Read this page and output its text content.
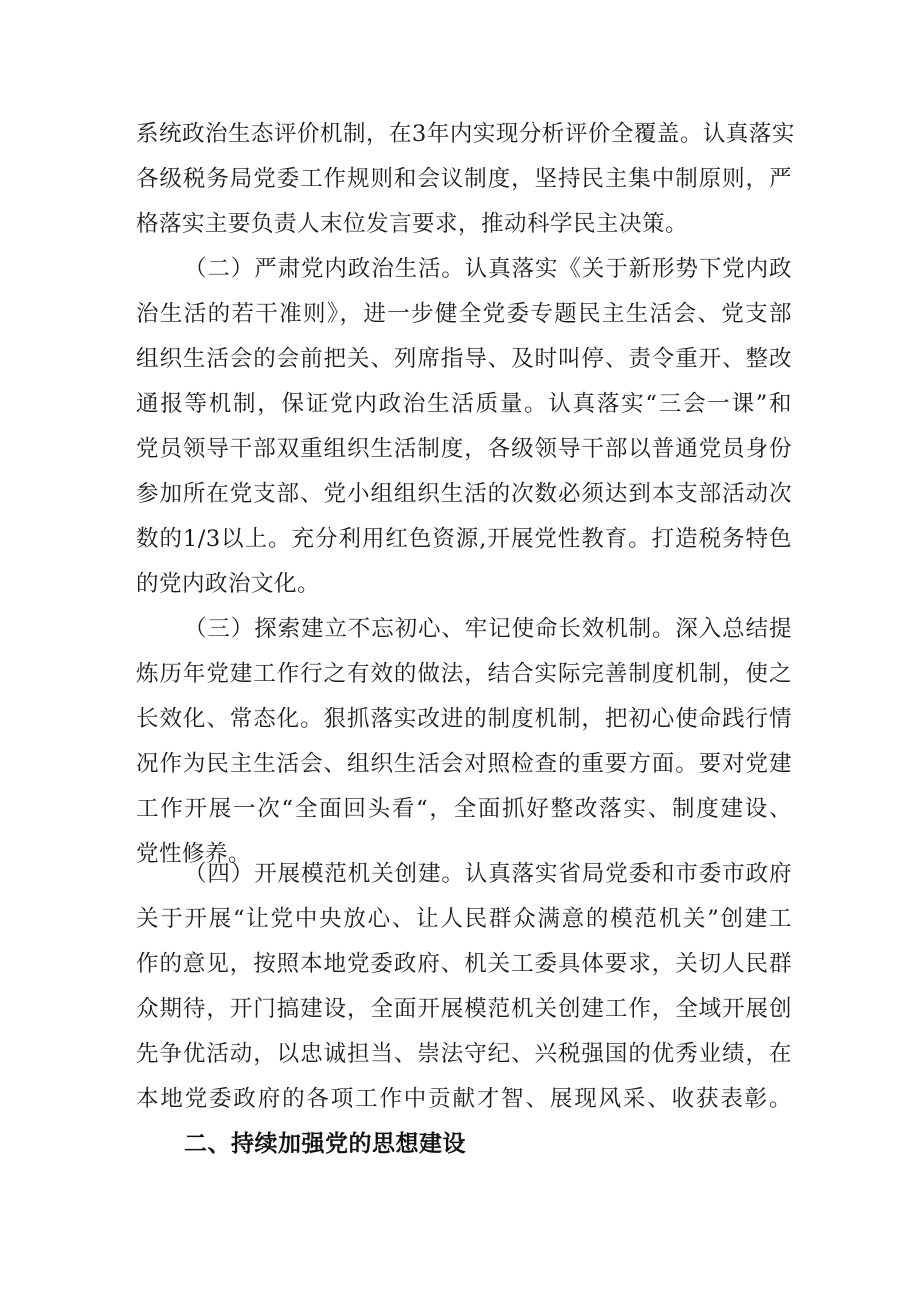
系统政治生态评价机制，在3年内实现分析评价全覆盖。认真落实
各级税务局党委工作规则和会议制度，坚持民主集中制原则，严
格落实主要负责人末位发言要求，推动科学民主决策。
（二）严肃党内政治生活。认真落实《关于新形势下党内政
治生活的若干准则》，进一步健全党委专题民主生活会、党支部
组织生活会的会前把关、列席指导、及时叫停、责令重开、整改
通报等机制，保证党内政治生活质量。认真落实“三会一课”和
党员领导干部双重组织生活制度，各级领导干部以普通党员身份
参加所在党支部、党小组组织生活的次数必须达到本支部活动次
数的1/3以上。充分利用红色资源,开展党性教育。打造税务特色
的党内政治文化。
（三）探索建立不忘初心、牢记使命长效机制。深入总结提
炼历年党建工作行之有效的做法，结合实际完善制度机制，使之
长效化、常态化。狠抓落实改进的制度机制，把初心使命践行情
况作为民主生活会、组织生活会对照检查的重要方面。要对党建
工作开展一次“全面回头看“，全面抓好整改落实、制度建设、
党性修养。
（四）开展模范机关创建。认真落实省局党委和市委市政府
关于开展“让党中央放心、让人民群众满意的模范机关”创建工
作的意见，按照本地党委政府、机关工委具体要求，关切人民群
众期待，开门搞建设，全面开展模范机关创建工作，全域开展创
先争优活动，以忠诚担当、崇法守纪、兴税强国的优秀业绩，在
本地党委政府的各项工作中贡献才智、展现风采、收获表彰。
二、持续加强党的思想建设
